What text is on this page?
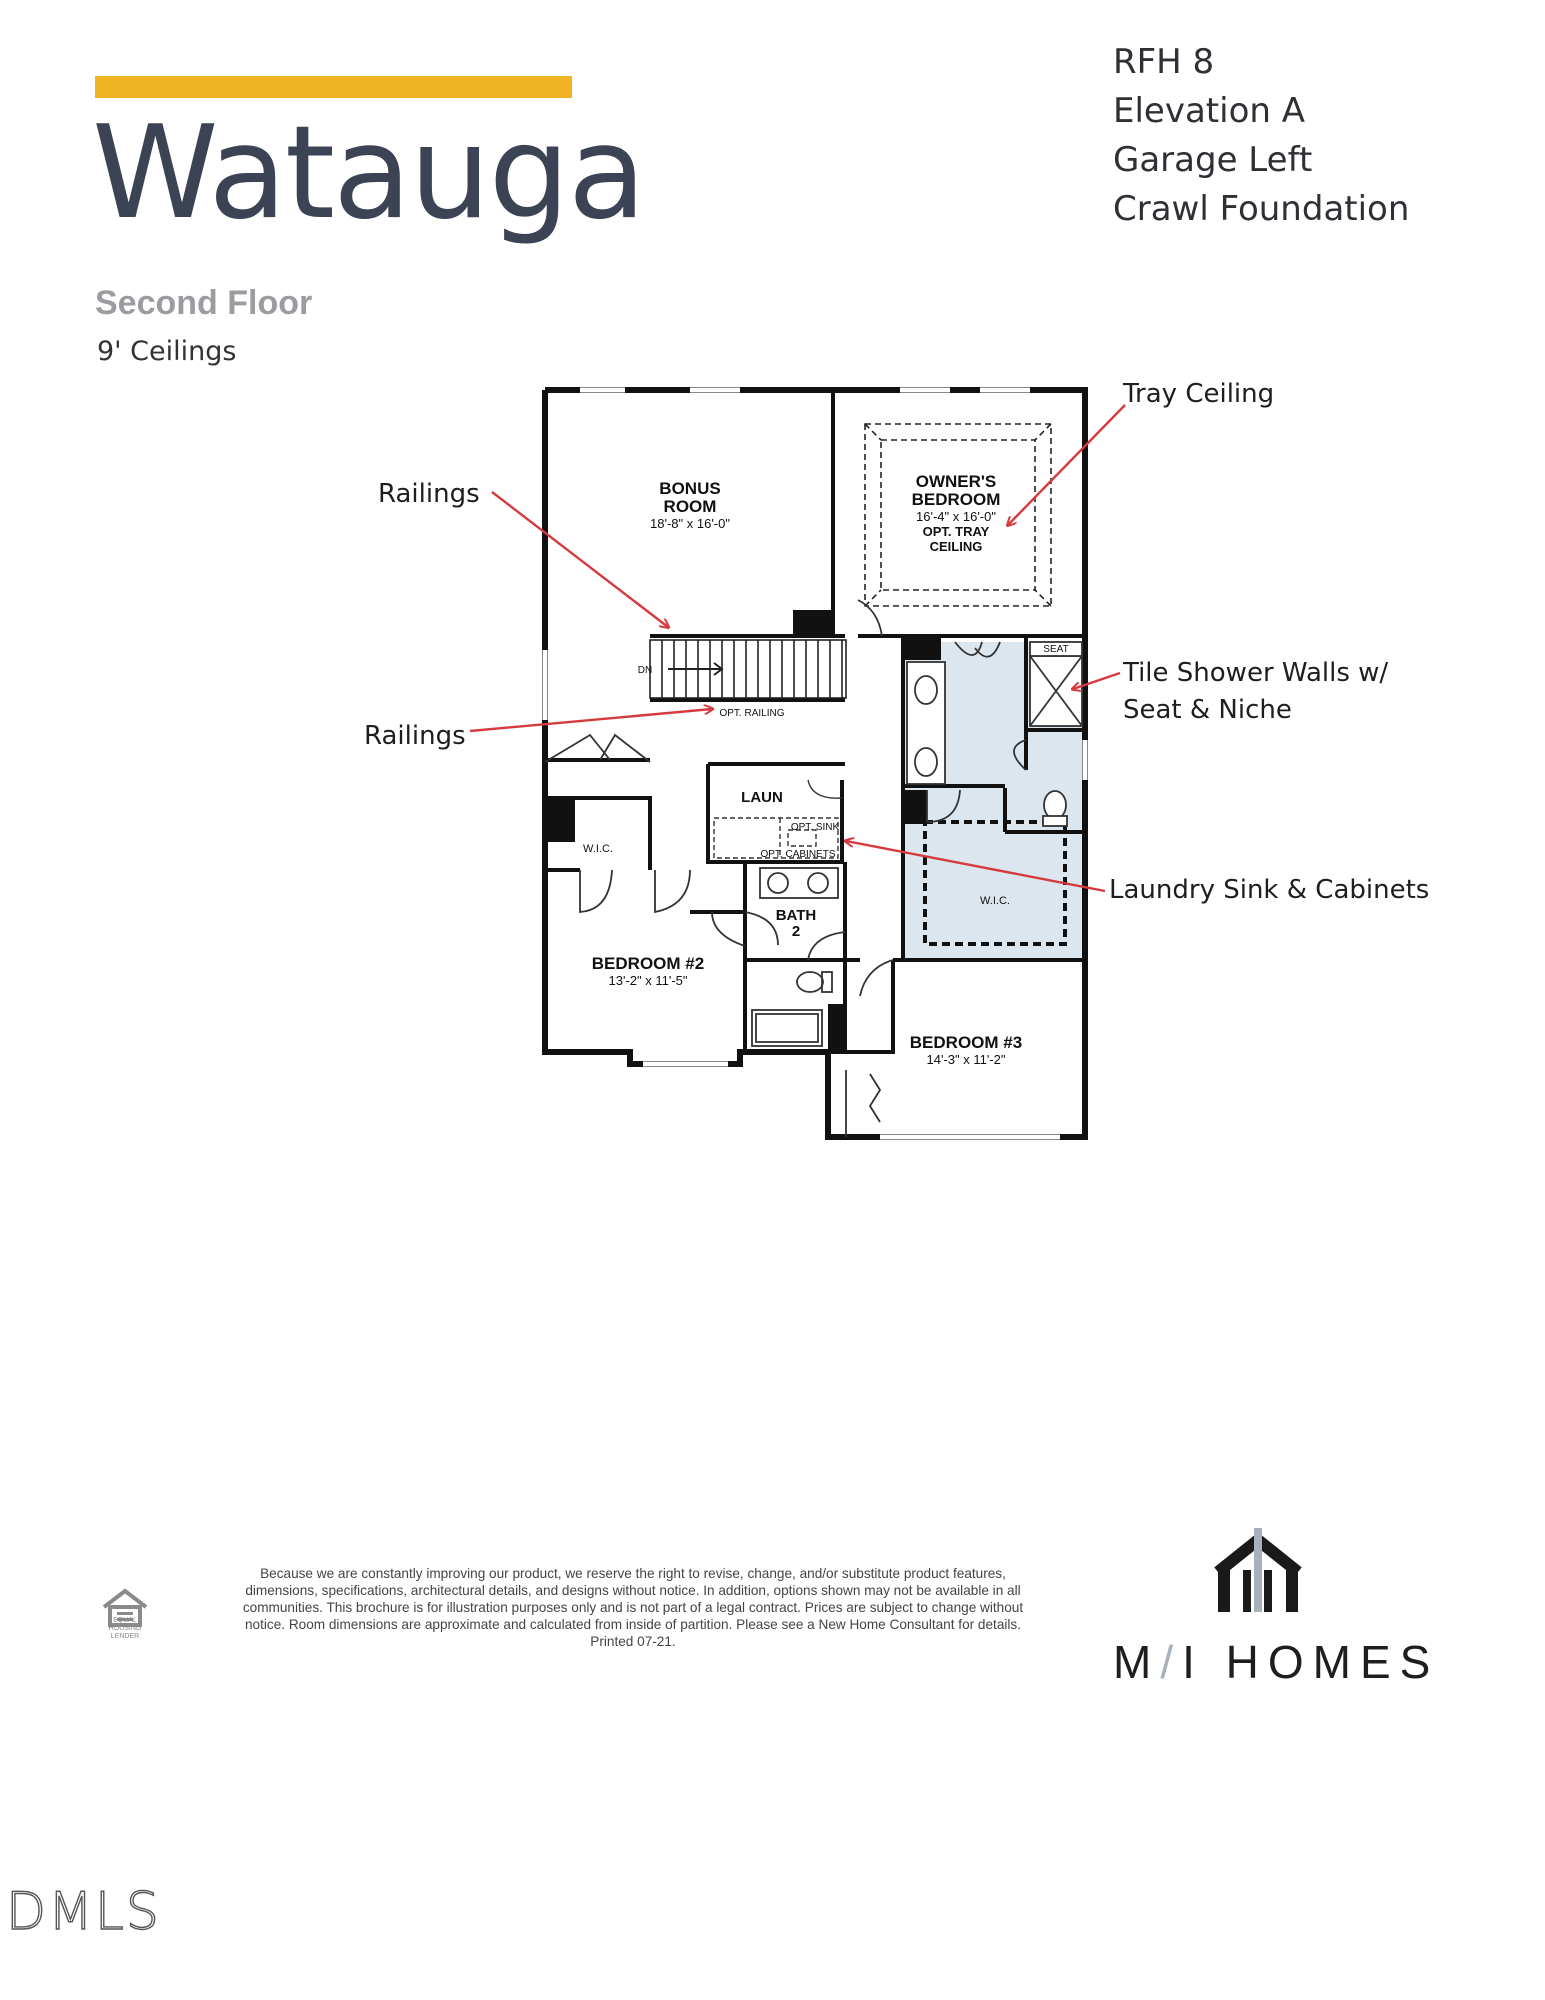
Watauga
Second Floor
9' Ceilings
RFH 8
Elevation A
Garage Left
Crawl Foundation
BONUS
ROOM
18'-8" x 16'-0"
OWNER'S
BEDROOM
16'-4" x 16'-0"
OPT. TRAY
CEILING
BEDROOM #2
13'-2" x 11'-5"
BEDROOM #3
14'-3" x 11'-2"
LAUN
BATH
2
W.I.C.
W.I.C.
DN
OPT. RAILING
OPT. SINK
OPT. CABINETS
SEAT
Railings
Railings
Tray Ceiling
Tile Shower Walls w/
Seat & Niche
Laundry Sink & Cabinets
Because we are constantly improving our product, we reserve the right to revise, change, and/or substitute product features, dimensions, specifications, architectural details, and designs without notice. In addition, options shown may not be available in all communities. This brochure is for illustration purposes only and is not part of a legal contract. Prices are subject to change without notice. Room dimensions are approximate and calculated from inside of partition. Please see a New Home Consultant for details. Printed 07-21.
EQUAL HOUSING LENDER	M/I HOMES
DMLS
